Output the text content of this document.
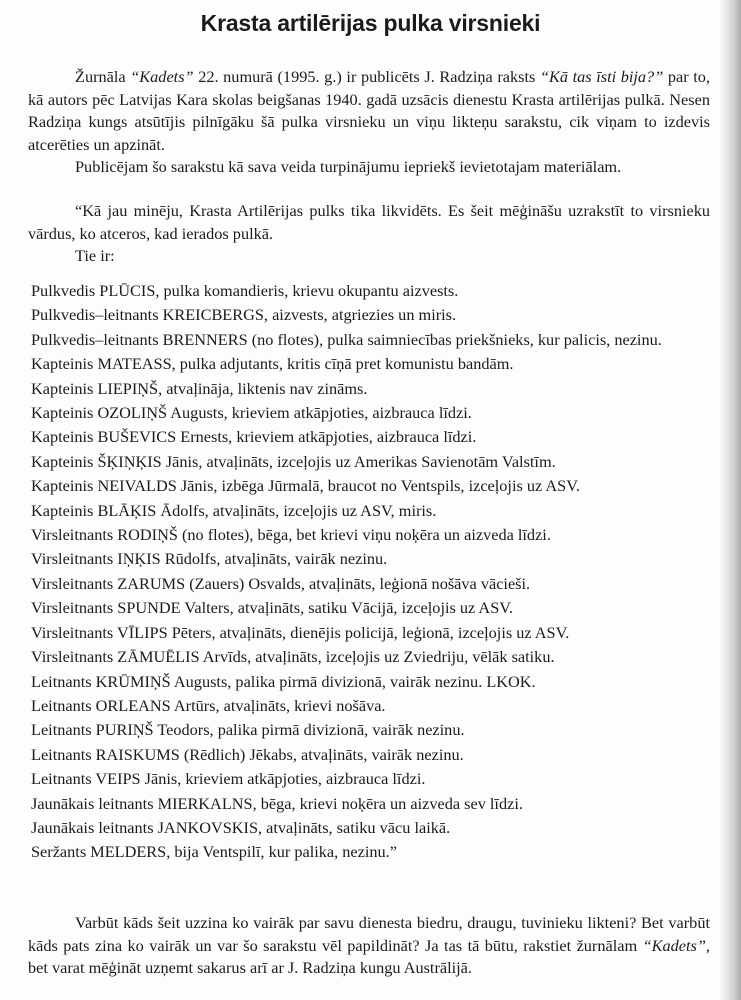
Krasta artilērijas pulka virsnieki

Žurnāla “Kadets” 22. numurā (1995. g.) ir publicēts J. Radziņa raksts “Kā tas īsti bija?” par to, kā autors pēc Latvijas Kara skolas beigšanas 1940. gadā uzsācis dienestu Krasta artilērijas pulkā. Nesen Radziņa kungs atsūtījis pilnīgāku šā pulka virsnieku un viņu likteņu sarakstu, cik viņam to izdevis atcerēties un apzināt.

Publicējam šo sarakstu kā sava veida turpinājumu iepriekš ievietotajam materiālam.

“Kā jau minēju, Krasta Artilērijas pulks tika likvidēts. Es šeit mēģināšu uzrakstīt to virsnieku vārdus, ko atceros, kad ierados pulkā.

Tie ir:

Pulkvedis PLŪCIS, pulka komandieris, krievu okupantu aizvests.

Pulkvedis–leitnants KREICBERGS, aizvests, atgriezies un miris.

Pulkvedis–leitnants BRENNERS (no flotes), pulka saimniecības priekšnieks, kur palicis, nezinu.

Kapteinis MATEASS, pulka adjutants, kritis cīņā pret komunistu bandām.

Kapteinis LIEPIŅŠ, atvaļināja, liktenis nav zināms.

Kapteinis OZOLIŅŠ Augusts, krieviem atkāpjoties, aizbrauca līdzi.

Kapteinis BUŠEVICS Ernests, krieviem atkāpjoties, aizbrauca līdzi.

Kapteinis ŠĶIŅĶIS Jānis, atvaļināts, izceļojis uz Amerikas Savienotām Valstīm.

Kapteinis NEIVALDS Jānis, izbēga Jūrmalā, braucot no Ventspils, izceļojis uz ASV.

Kapteinis BLĀĶIS Ādolfs, atvaļināts, izceļojis uz ASV, miris.

Virsleitnants RODIŅŠ (no flotes), bēga, bet krievi viņu noķēra un aizveda līdzi.

Virsleitnants IŅĶIS Rūdolfs, atvaļināts, vairāk nezinu.

Virsleitnants ZARUMS (Zauers) Osvalds, atvaļināts, leģionā nošāva vācieši.

Virsleitnants SPUNDE Valters, atvaļināts, satiku Vācijā, izceļojis uz ASV.

Virsleitnants VĪLIPS Pēters, atvaļināts, dienējis policijā, leģionā, izceļojis uz ASV.

Virsleitnants ZĀMUĒLIS Arvīds, atvaļināts, izceļojis uz Zviedriju, vēlāk satiku.

Leitnants KRŪMIŅŠ Augusts, palika pirmā divizionā, vairāk nezinu. LKOK.

Leitnants ORLEANS Artūrs, atvaļināts, krievi nošāva.

Leitnants PURIŅŠ Teodors, palika pirmā divizionā, vairāk nezinu.

Leitnants RAISKUMS (Rēdlich) Jēkabs, atvaļināts, vairāk nezinu.

Leitnants VEIPS Jānis, krieviem atkāpjoties, aizbrauca līdzi.

Jaunākais leitnants MIERKALNS, bēga, krievi noķēra un aizveda sev līdzi.

Jaunākais leitnants JANKOVSKIS, atvaļināts, satiku vācu laikā.

Seržants MELDERS, bija Ventspilī, kur palika, nezinu.”

Varbūt kāds šeit uzzina ko vairāk par savu dienesta biedru, draugu, tuvinieku likteni? Bet varbūt kāds pats zina ko vairāk un var šo sarakstu vēl papildināt? Ja tas tā būtu, rakstiet žurnālam “Kadets”, bet varat mēģināt uzņemt sakarus arī ar J. Radziņa kungu Austrālijā.
